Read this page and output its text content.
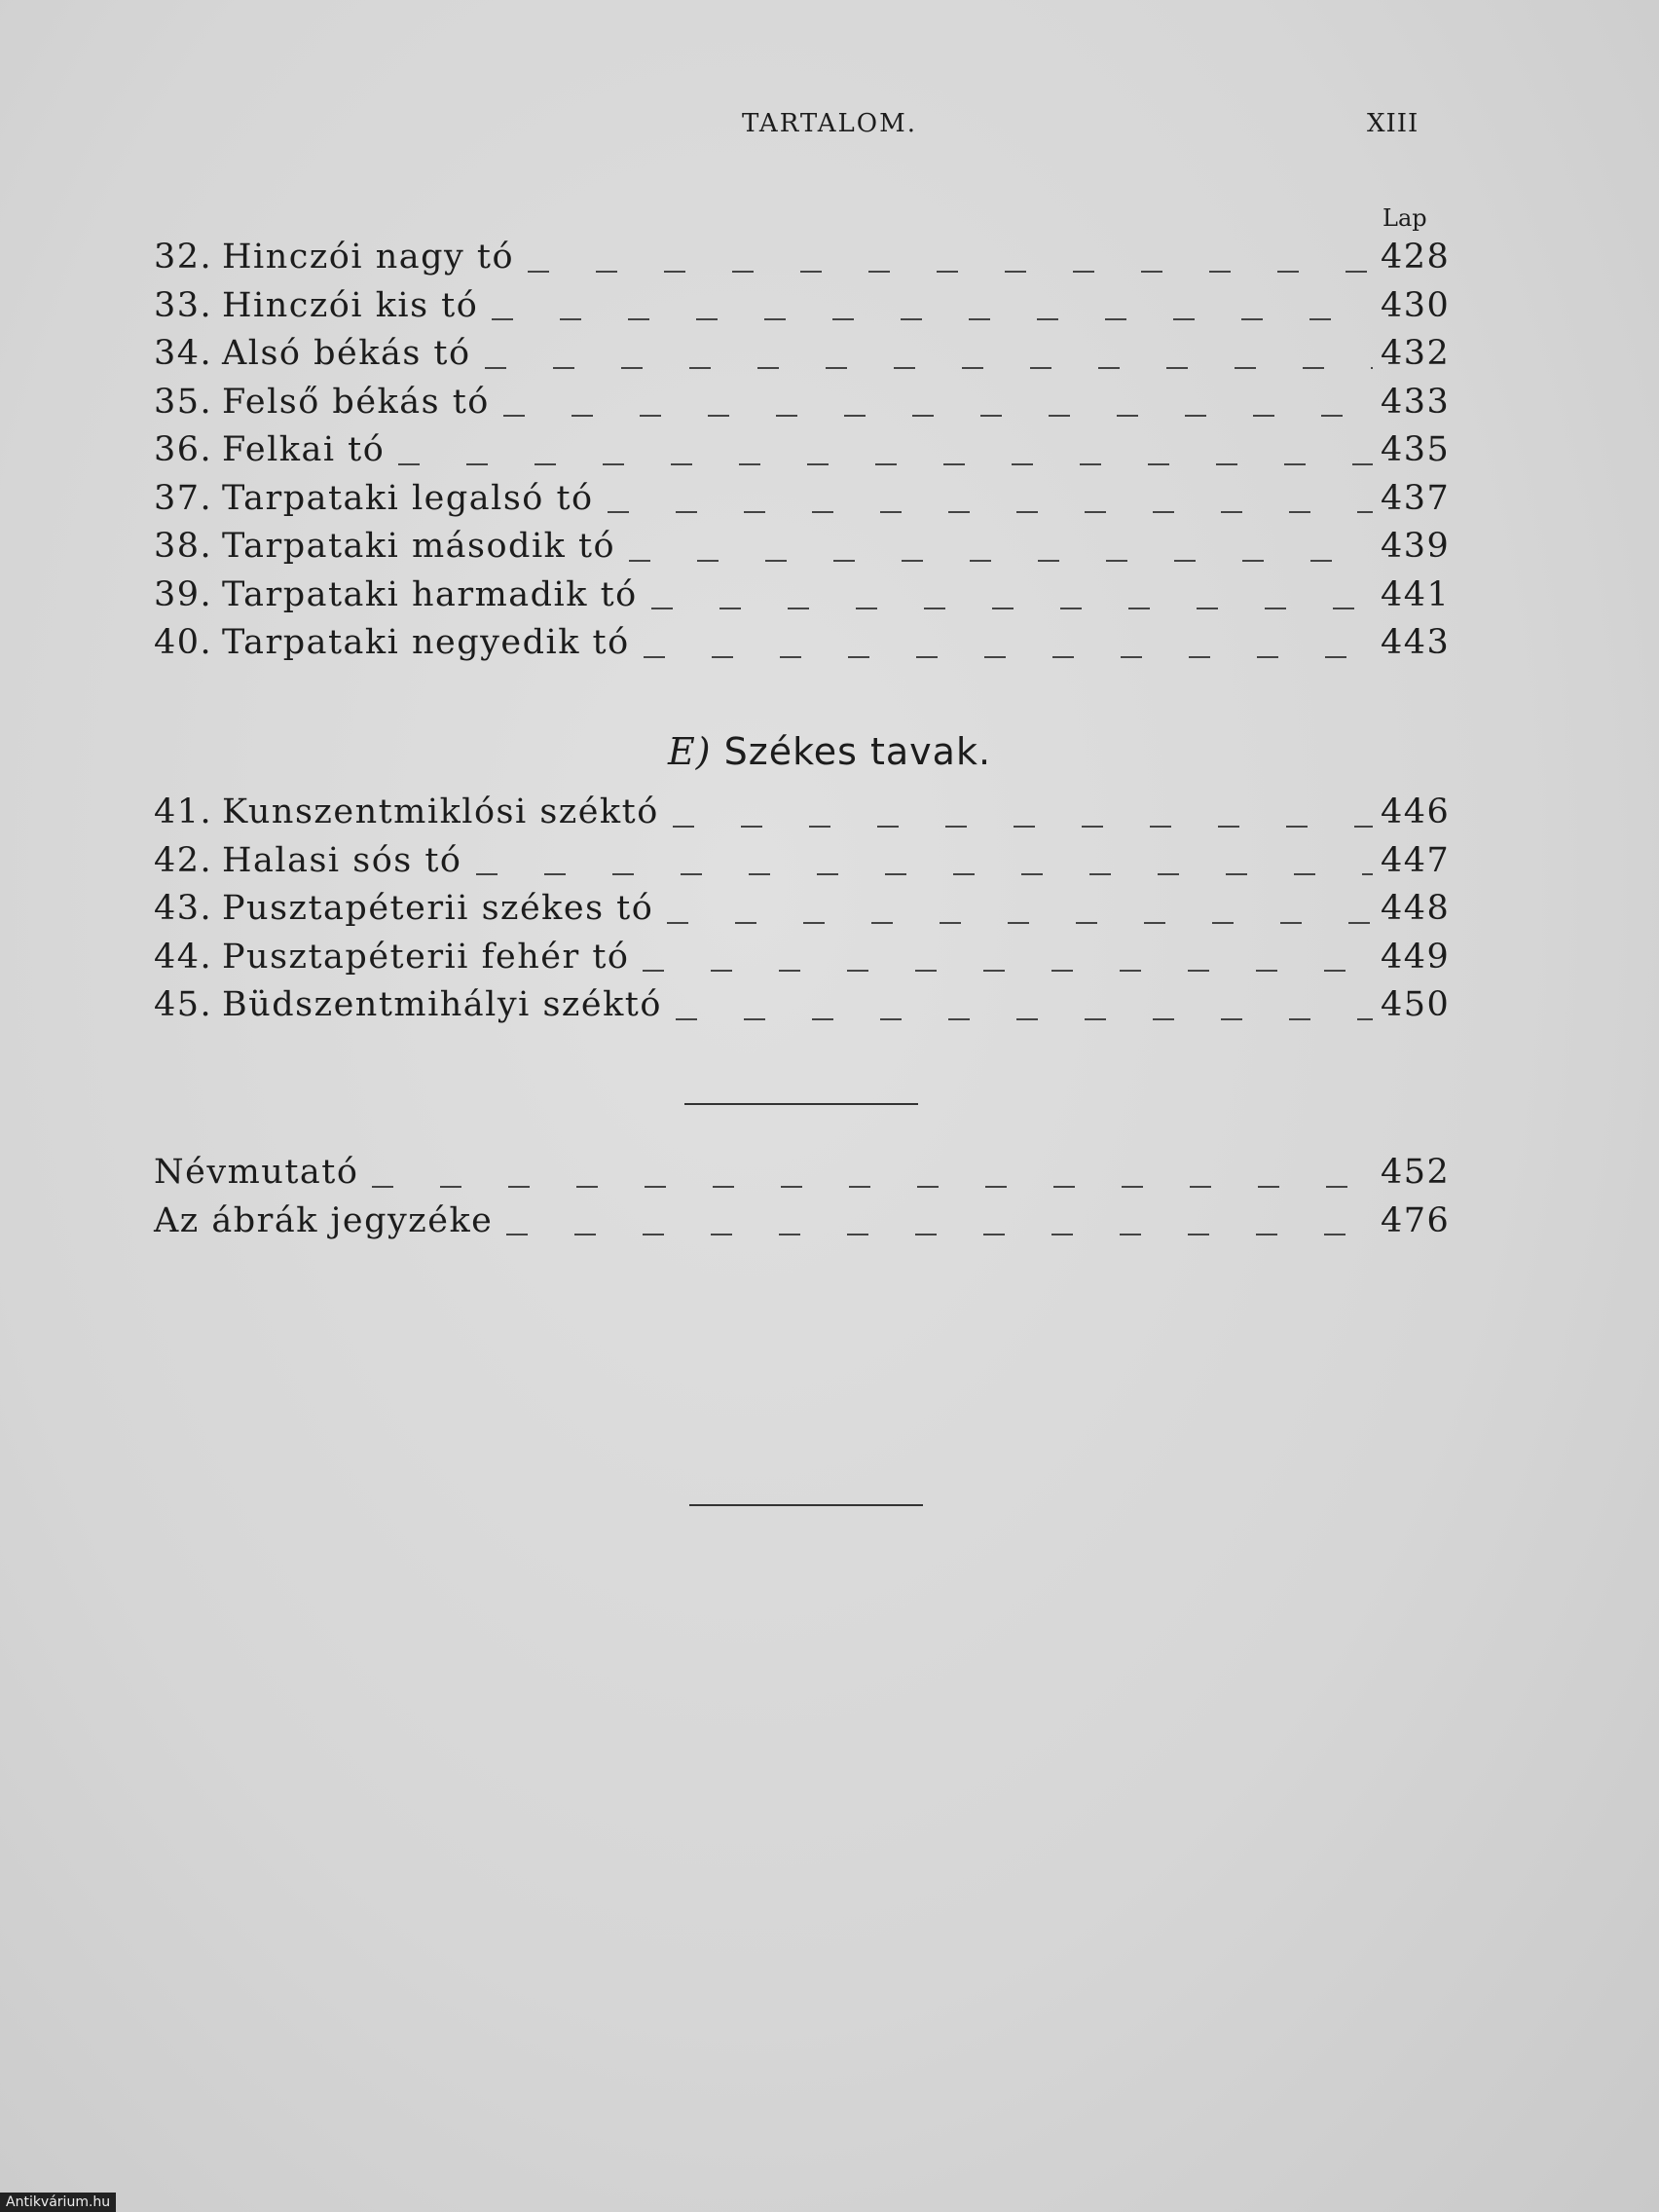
TARTALOM.	XIII
Lap
32. Hinczói nagy tó	428
33. Hinczói kis tó	430
34. Alsó békás tó	432
35. Felső békás tó	433
36. Felkai tó	435
37. Tarpataki legalsó tó	437
38. Tarpataki második tó	439
39. Tarpataki harmadik tó	441
40. Tarpataki negyedik tó	443
E) Székes tavak.
41. Kunszentmiklósi széktó	446
42. Halasi sós tó	447
43. Pusztapéterii székes tó	448
44. Pusztapéterii fehér tó	449
45. Büdszentmihályi széktó	450
Névmutató	452
Az ábrák jegyzéke	476
Antikvárium.hu
